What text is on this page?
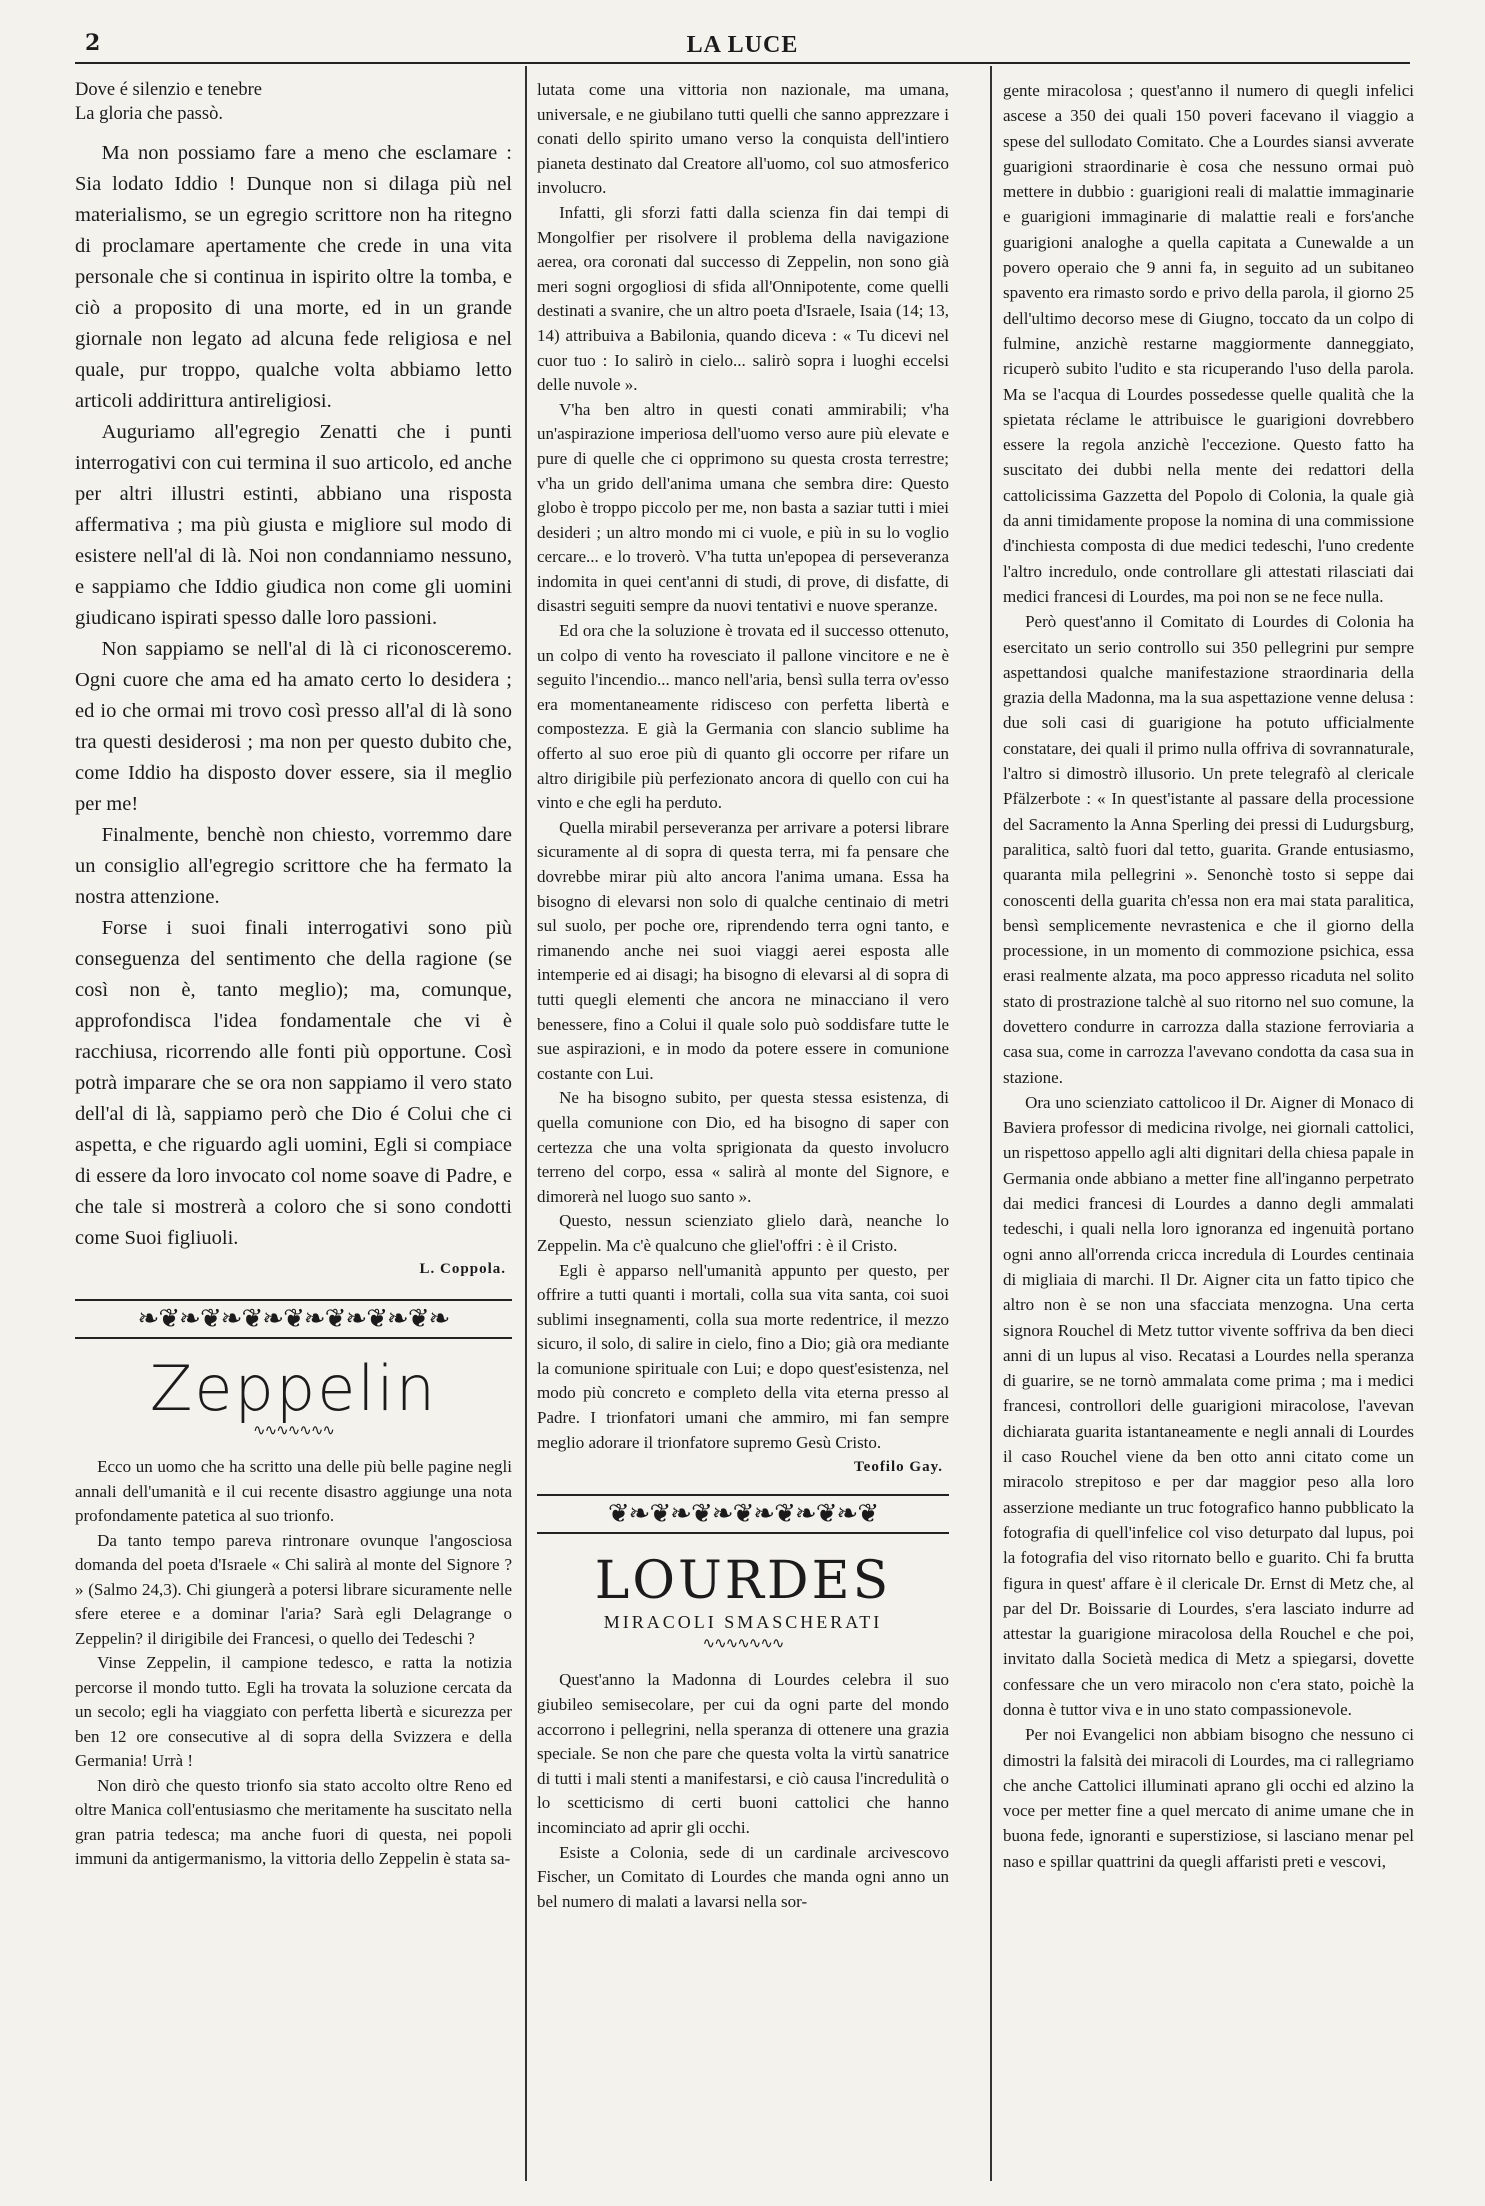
2	LA LUCE

Dove é silenzio e tenebre

La gloria che passò.

Ma non possiamo fare a meno che esclamare : Sia lodato Iddio ! Dunque non si dilaga più nel materialismo, se un egregio scrittore non ha ritegno di proclamare apertamente che crede in una vita personale che si continua in ispirito oltre la tomba, e ciò a proposito di una morte, ed in un grande giornale non legato ad alcuna fede religiosa e nel quale, pur troppo, qualche volta abbiamo letto articoli addirittura antireligiosi.

Auguriamo all'egregio Zenatti che i punti interrogativi con cui termina il suo articolo, ed anche per altri illustri estinti, abbiano una risposta affermativa ; ma più giusta e migliore sul modo di esistere nell'al di là. Noi non condanniamo nessuno, e sappiamo che Iddio giudica non come gli uomini giudicano ispirati spesso dalle loro passioni.

Non sappiamo se nell'al di là ci riconosceremo. Ogni cuore che ama ed ha amato certo lo desidera ; ed io che ormai mi trovo così presso all'al di là sono tra questi desiderosi ; ma non per questo dubito che, come Iddio ha disposto dover essere, sia il meglio per me!

Finalmente, benchè non chiesto, vorremmo dare un consiglio all'egregio scrittore che ha fermato la nostra attenzione.

Forse i suoi finali interrogativi sono più conseguenza del sentimento che della ragione (se così non è, tanto meglio); ma, comunque, approfondisca l'idea fondamentale che vi è racchiusa, ricorrendo alle fonti più opportune. Così potrà imparare che se ora non sappiamo il vero stato dell'al di là, sappiamo però che Dio é Colui che ci aspetta, e che riguardo agli uomini, Egli si compiace di essere da loro invocato col nome soave di Padre, e che tale si mostrerà a coloro che si sono condotti come Suoi figliuoli.

L. Coppola.

❧❦❧❦❧❦❧❦❧❦❧❦❧❦❧
Zeppelin
∿∿∿∿∿∿∿

Ecco un uomo che ha scritto una delle più belle pagine negli annali dell'umanità e il cui recente disastro aggiunge una nota profondamente patetica al suo trionfo.

Da tanto tempo pareva rintronare ovunque l'angosciosa domanda del poeta d'Israele « Chi salirà al monte del Signore ? » (Salmo 24,3). Chi giungerà a potersi librare sicuramente nelle sfere eteree e a dominar l'aria? Sarà egli Delagrange o Zeppelin? il dirigibile dei Francesi, o quello dei Tedeschi ?

Vinse Zeppelin, il campione tedesco, e ratta la notizia percorse il mondo tutto. Egli ha trovata la soluzione cercata da un secolo; egli ha viaggiato con perfetta libertà e sicurezza per ben 12 ore consecutive al di sopra della Svizzera e della Germania! Urrà !

Non dirò che questo trionfo sia stato accolto oltre Reno ed oltre Manica coll'entusiasmo che meritamente ha suscitato nella gran patria tedesca; ma anche fuori di questa, nei popoli immuni da antigermanismo, la vittoria dello Zeppelin è stata sa-

lutata come una vittoria non nazionale, ma umana, universale, e ne giubilano tutti quelli che sanno apprezzare i conati dello spirito umano verso la conquista dell'intiero pianeta destinato dal Creatore all'uomo, col suo atmosferico involucro.

Infatti, gli sforzi fatti dalla scienza fin dai tempi di Mongolfier per risolvere il problema della navigazione aerea, ora coronati dal successo di Zeppelin, non sono già meri sogni orgogliosi di sfida all'Onnipotente, come quelli destinati a svanire, che un altro poeta d'Israele, Isaia (14; 13, 14) attribuiva a Babilonia, quando diceva : « Tu dicevi nel cuor tuo : Io salirò in cielo... salirò sopra i luoghi eccelsi delle nuvole ».

V'ha ben altro in questi conati ammirabili; v'ha un'aspirazione imperiosa dell'uomo verso aure più elevate e pure di quelle che ci opprimono su questa crosta terrestre; v'ha un grido dell'anima umana che sembra dire: Questo globo è troppo piccolo per me, non basta a saziar tutti i miei desideri ; un altro mondo mi ci vuole, e più in su lo voglio cercare... e lo troverò. V'ha tutta un'epopea di perseveranza indomita in quei cent'anni di studi, di prove, di disfatte, di disastri seguiti sempre da nuovi tentativi e nuove speranze.

Ed ora che la soluzione è trovata ed il successo ottenuto, un colpo di vento ha rovesciato il pallone vincitore e ne è seguito l'incendio... manco nell'aria, bensì sulla terra ov'esso era momentaneamente ridisceso con perfetta libertà e compostezza. E già la Germania con slancio sublime ha offerto al suo eroe più di quanto gli occorre per rifare un altro dirigibile più perfezionato ancora di quello con cui ha vinto e che egli ha perduto.

Quella mirabil perseveranza per arrivare a potersi librare sicuramente al di sopra di questa terra, mi fa pensare che dovrebbe mirar più alto ancora l'anima umana. Essa ha bisogno di elevarsi non solo di qualche centinaio di metri sul suolo, per poche ore, riprendendo terra ogni tanto, e rimanendo anche nei suoi viaggi aerei esposta alle intemperie ed ai disagi; ha bisogno di elevarsi al di sopra di tutti quegli elementi che ancora ne minacciano il vero benessere, fino a Colui il quale solo può soddisfare tutte le sue aspirazioni, e in modo da potere essere in comunione costante con Lui.

Ne ha bisogno subito, per questa stessa esistenza, di quella comunione con Dio, ed ha bisogno di saper con certezza che una volta sprigionata da questo involucro terreno del corpo, essa « salirà al monte del Signore, e dimorerà nel luogo suo santo ».

Questo, nessun scienziato glielo darà, neanche lo Zeppelin. Ma c'è qualcuno che gliel'offri : è il Cristo.

Egli è apparso nell'umanità appunto per questo, per offrire a tutti quanti i mortali, colla sua vita santa, coi suoi sublimi insegnamenti, colla sua morte redentrice, il mezzo sicuro, il solo, di salire in cielo, fino a Dio; già ora mediante la comunione spirituale con Lui; e dopo quest'esistenza, nel modo più concreto e completo della vita eterna presso al Padre. I trionfatori umani che ammiro, mi fan sempre meglio adorare il trionfatore supremo Gesù Cristo.

Teofilo Gay.

❦❧❦❧❦❧❦❧❦❧❦❧❦
LOURDES
MIRACOLI SMASCHERATI
∿∿∿∿∿∿∿

Quest'anno la Madonna di Lourdes celebra il suo giubileo semisecolare, per cui da ogni parte del mondo accorrono i pellegrini, nella speranza di ottenere una grazia speciale. Se non che pare che questa volta la virtù sanatrice di tutti i mali stenti a manifestarsi, e ciò causa l'incredulità o lo scetticismo di certi buoni cattolici che hanno incominciato ad aprir gli occhi.

Esiste a Colonia, sede di un cardinale arcivescovo Fischer, un Comitato di Lourdes che manda ogni anno un bel numero di malati a lavarsi nella sor-

gente miracolosa ; quest'anno il numero di quegli infelici ascese a 350 dei quali 150 poveri facevano il viaggio a spese del sullodato Comitato. Che a Lourdes siansi avverate guarigioni straordinarie è cosa che nessuno ormai può mettere in dubbio : guarigioni reali di malattie immaginarie e guarigioni immaginarie di malattie reali e fors'anche guarigioni analoghe a quella capitata a Cunewalde a un povero operaio che 9 anni fa, in seguito ad un subitaneo spavento era rimasto sordo e privo della parola, il giorno 25 dell'ultimo decorso mese di Giugno, toccato da un colpo di fulmine, anzichè restarne maggiormente danneggiato, ricuperò subito l'udito e sta ricuperando l'uso della parola. Ma se l'acqua di Lourdes possedesse quelle qualità che la spietata réclame le attribuisce le guarigioni dovrebbero essere la regola anzichè l'eccezione. Questo fatto ha suscitato dei dubbi nella mente dei redattori della cattolicissima Gazzetta del Popolo di Colonia, la quale già da anni timidamente propose la nomina di una commissione d'inchiesta composta di due medici tedeschi, l'uno credente l'altro incredulo, onde controllare gli attestati rilasciati dai medici francesi di Lourdes, ma poi non se ne fece nulla.

Però quest'anno il Comitato di Lourdes di Colonia ha esercitato un serio controllo sui 350 pellegrini pur sempre aspettandosi qualche manifestazione straordinaria della grazia della Madonna, ma la sua aspettazione venne delusa : due soli casi di guarigione ha potuto ufficialmente constatare, dei quali il primo nulla offriva di sovrannaturale, l'altro si dimostrò illusorio. Un prete telegrafò al clericale Pfälzerbote : « In quest'istante al passare della processione del Sacramento la Anna Sperling dei pressi di Ludurgsburg, paralitica, saltò fuori dal tetto, guarita. Grande entusiasmo, quaranta mila pellegrini ». Senonchè tosto si seppe dai conoscenti della guarita ch'essa non era mai stata paralitica, bensì semplicemente nevrastenica e che il giorno della processione, in un momento di commozione psichica, essa erasi realmente alzata, ma poco appresso ricaduta nel solito stato di prostrazione talchè al suo ritorno nel suo comune, la dovettero condurre in carrozza dalla stazione ferroviaria a casa sua, come in carrozza l'avevano condotta da casa sua in stazione.

Ora uno scienziato cattolicoo il Dr. Aigner di Monaco di Baviera professor di medicina rivolge, nei giornali cattolici, un rispettoso appello agli alti dignitari della chiesa papale in Germania onde abbiano a metter fine all'inganno perpetrato dai medici francesi di Lourdes a danno degli ammalati tedeschi, i quali nella loro ignoranza ed ingenuità portano ogni anno all'orrenda cricca incredula di Lourdes centinaia di migliaia di marchi. Il Dr. Aigner cita un fatto tipico che altro non è se non una sfacciata menzogna. Una certa signora Rouchel di Metz tuttor vivente soffriva da ben dieci anni di un lupus al viso. Recatasi a Lourdes nella speranza di guarire, se ne tornò ammalata come prima ; ma i medici francesi, controllori delle guarigioni miracolose, l'avevan dichiarata guarita istantaneamente e negli annali di Lourdes il caso Rouchel viene da ben otto anni citato come un miracolo strepitoso e per dar maggior peso alla loro asserzione mediante un truc fotografico hanno pubblicato la fotografia di quell'infelice col viso deturpato dal lupus, poi la fotografia del viso ritornato bello e guarito. Chi fa brutta figura in quest' affare è il clericale Dr. Ernst di Metz che, al par del Dr. Boissarie di Lourdes, s'era lasciato indurre ad attestar la guarigione miracolosa della Rouchel e che poi, invitato dalla Società medica di Metz a spiegarsi, dovette confessare che un vero miracolo non c'era stato, poichè la donna è tuttor viva e in uno stato compassionevole.

Per noi Evangelici non abbiam bisogno che nessuno ci dimostri la falsità dei miracoli di Lourdes, ma ci rallegriamo che anche Cattolici illuminati aprano gli occhi ed alzino la voce per metter fine a quel mercato di anime umane che in buona fede, ignoranti e superstiziose, si lasciano menar pel naso e spillar quattrini da quegli affaristi preti e vescovi,
